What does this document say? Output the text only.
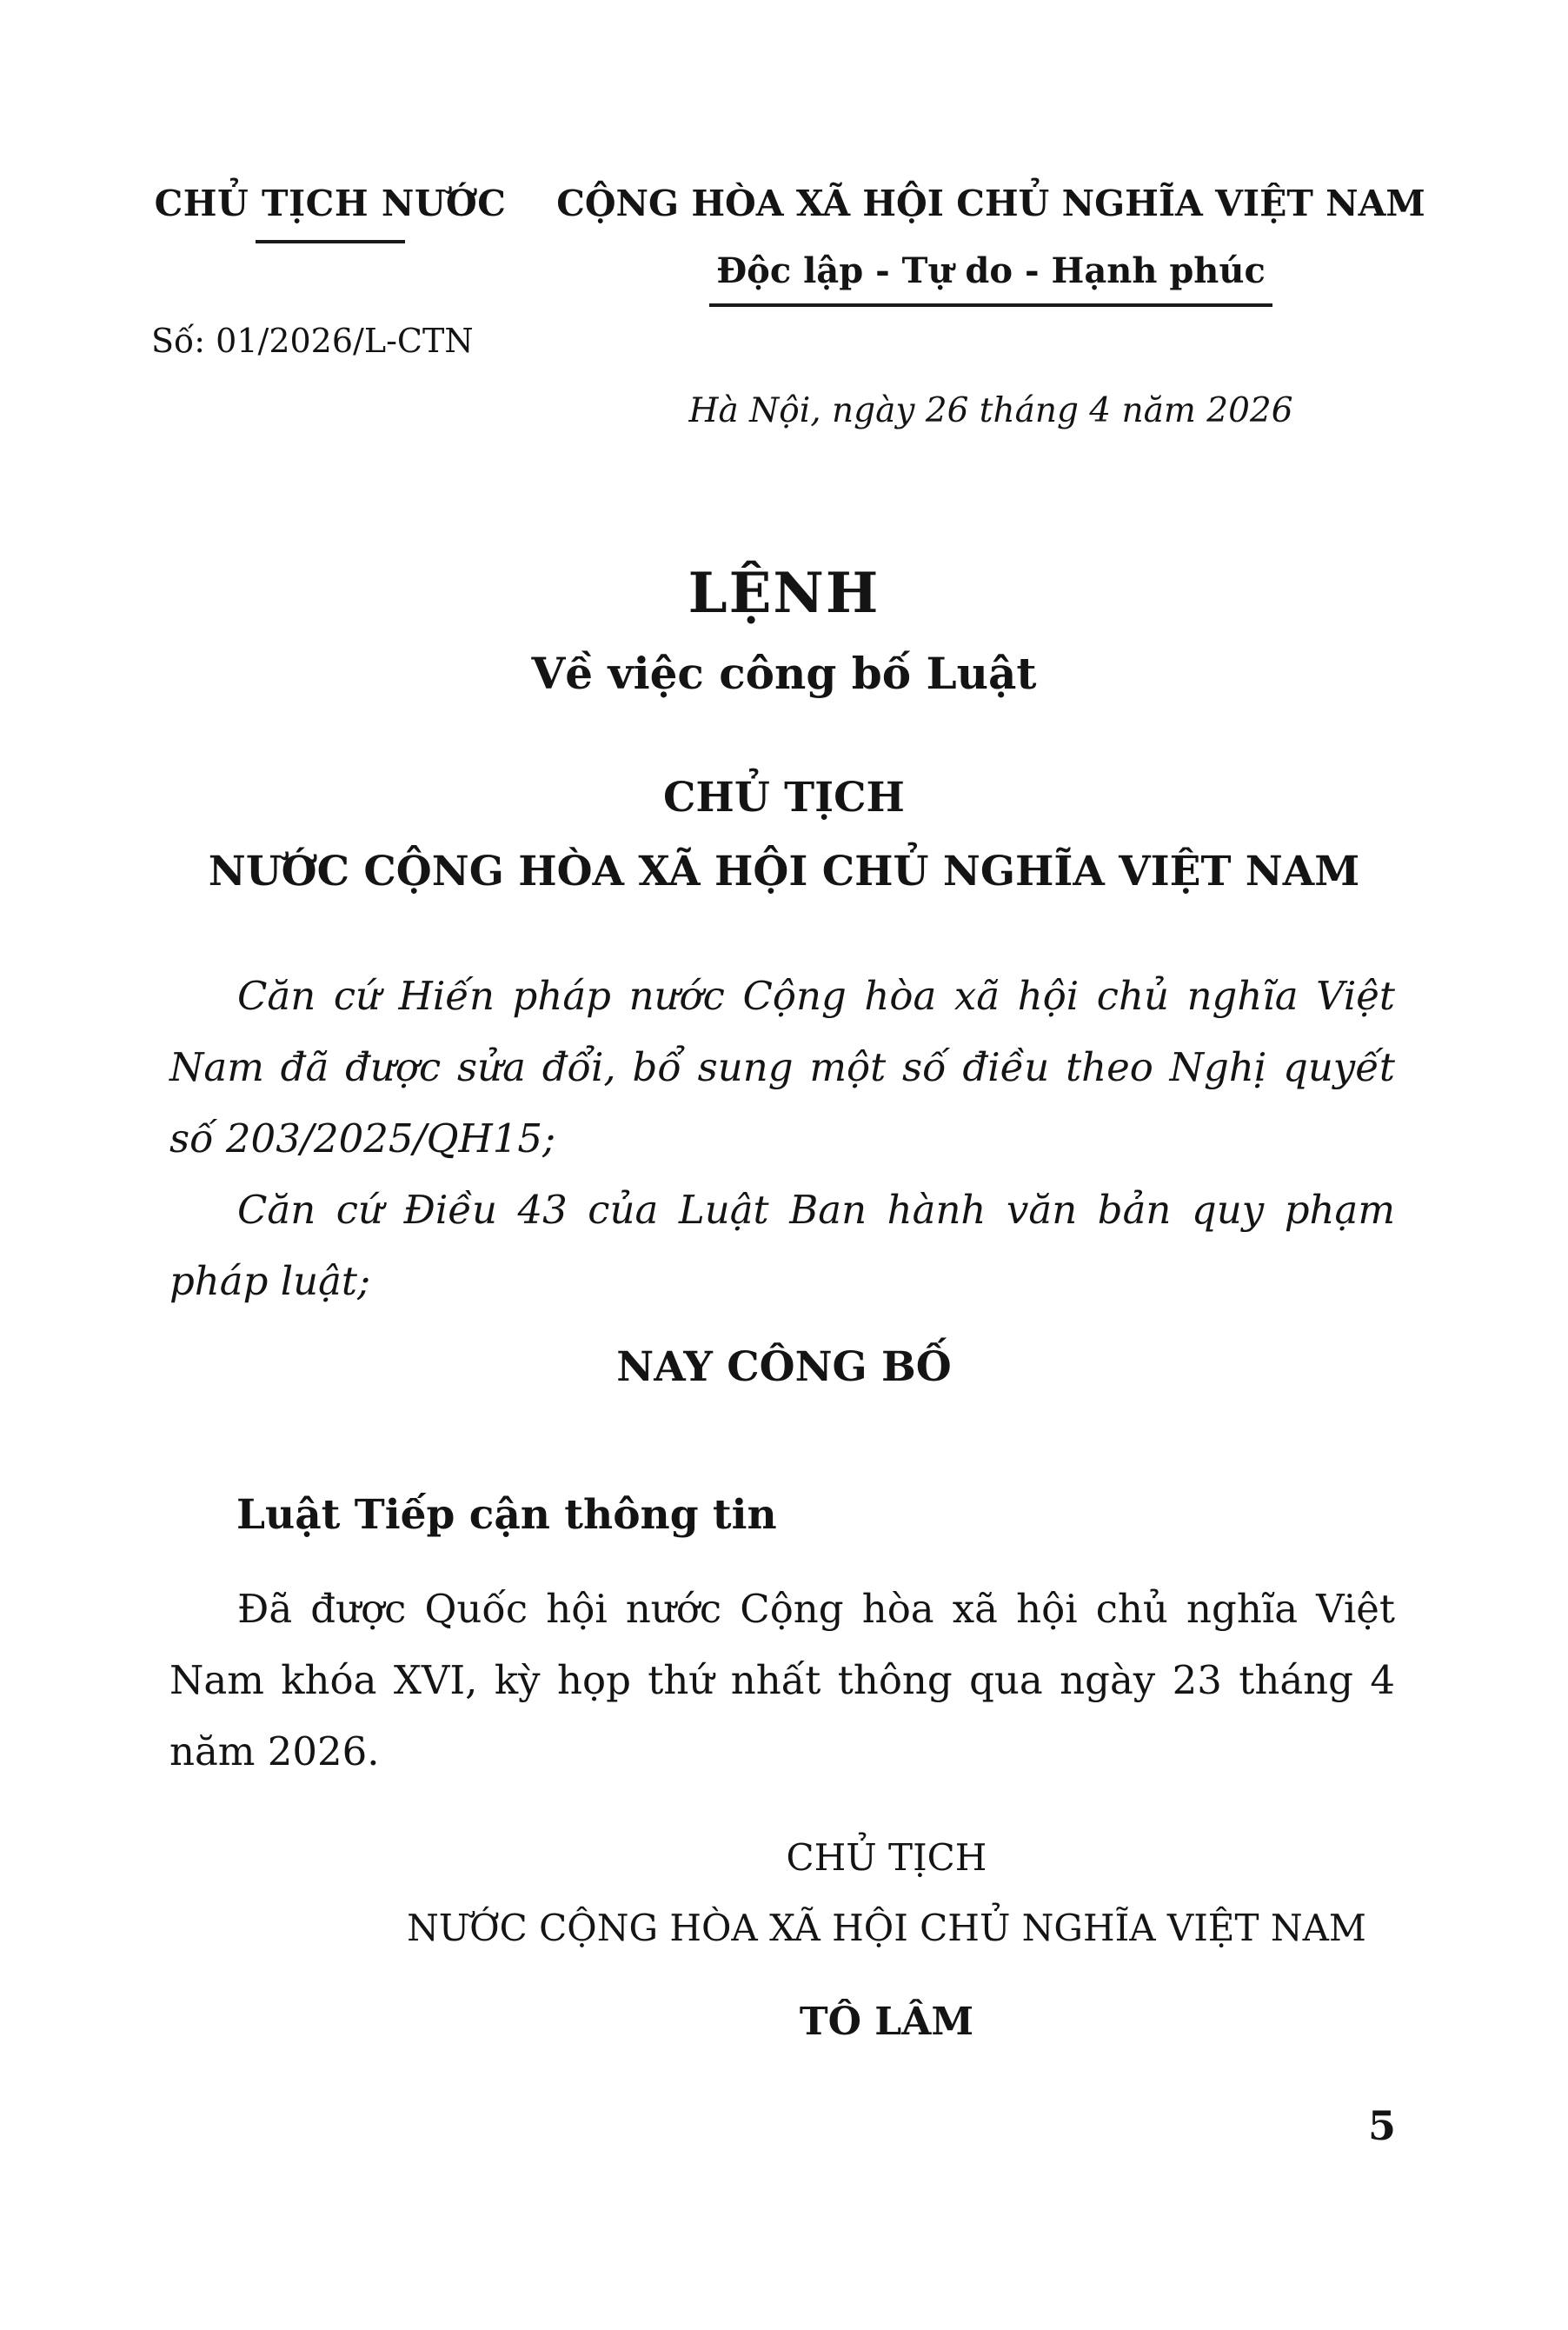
CHỦ TỊCH NƯỚC
Số: 01/2026/L-CTN
CỘNG HÒA XÃ HỘI CHỦ NGHĨA VIỆT NAM
Độc lập - Tự do - Hạnh phúc
Hà Nội, ngày 26 tháng 4 năm 2026
LỆNH
Về việc công bố Luật
CHỦ TỊCH
NƯỚC CỘNG HÒA XÃ HỘI CHỦ NGHĨA VIỆT NAM
Căn cứ Hiến pháp nước Cộng hòa xã hội chủ nghĩa Việt Nam đã được sửa đổi, bổ sung một số điều theo Nghị quyết số 203/2025/QH15;
Căn cứ Điều 43 của Luật Ban hành văn bản quy phạm pháp luật;
NAY CÔNG BỐ
Luật Tiếp cận thông tin
Đã được Quốc hội nước Cộng hòa xã hội chủ nghĩa Việt Nam khóa XVI, kỳ họp thứ nhất thông qua ngày 23 tháng 4 năm 2026.
CHỦ TỊCH
NƯỚC CỘNG HÒA XÃ HỘI CHỦ NGHĨA VIỆT NAM
TÔ LÂM
5
